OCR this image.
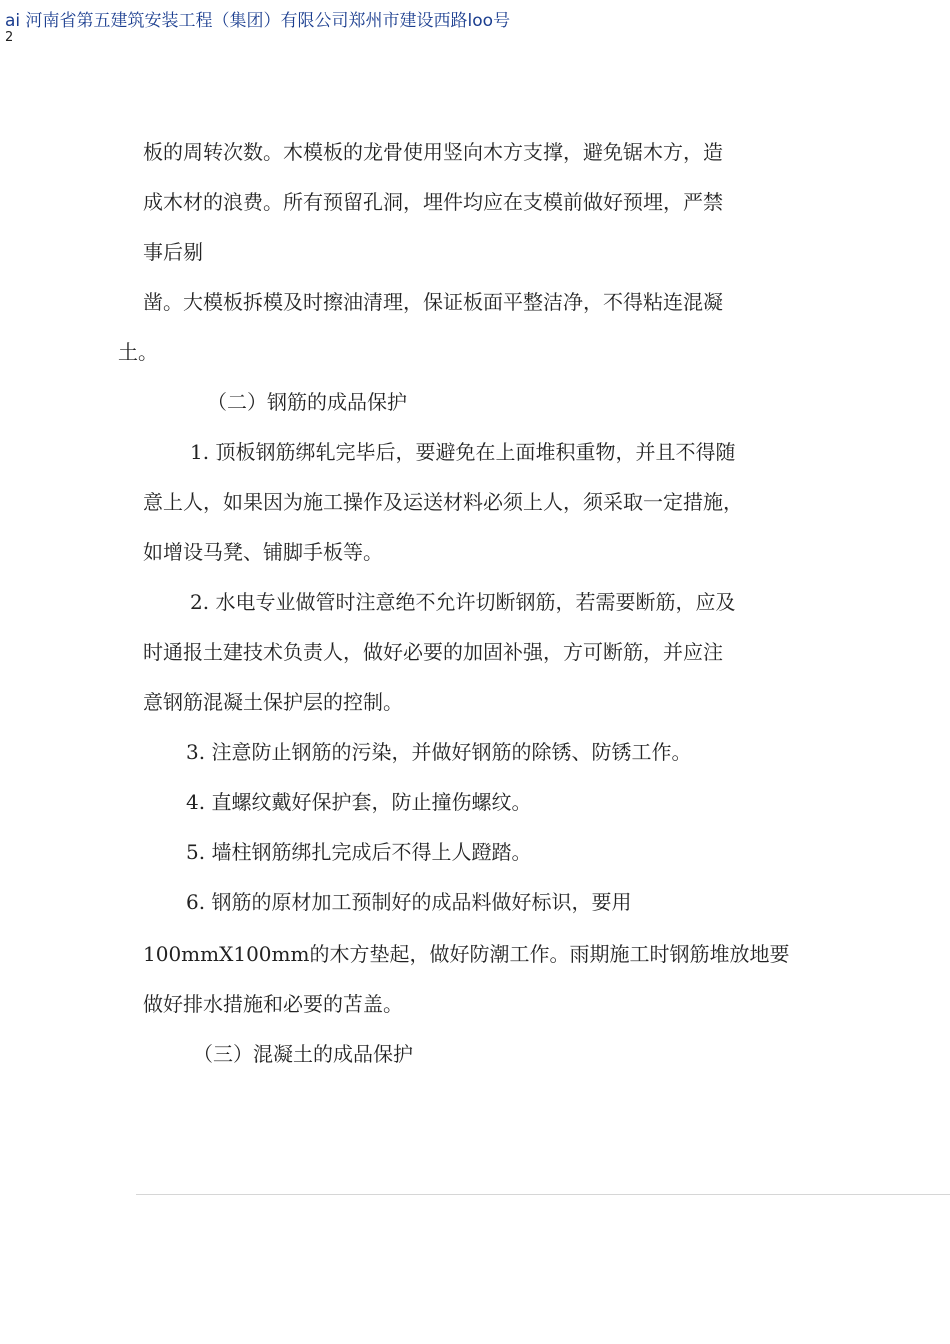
ai 河南省第五建筑安装工程（集团）有限公司郑州市建设西路loo号
2
板的周转次数。木模板的龙骨使用竖向木方支撑，避免锯木方，造
成木材的浪费。所有预留孔洞，埋件均应在支模前做好预埋，严禁
事后剔
凿。大模板拆模及时擦油清理，保证板面平整洁净，不得粘连混凝
土。
（二）钢筋的成品保护
1. 顶板钢筋绑轧完毕后，要避免在上面堆积重物，并且不得随
意上人，如果因为施工操作及运送材料必须上人，须采取一定措施，
如增设马凳、铺脚手板等。
2. 水电专业做管时注意绝不允许切断钢筋，若需要断筋，应及
时通报土建技术负责人，做好必要的加固补强，方可断筋，并应注
意钢筋混凝土保护层的控制。
3. 注意防止钢筋的污染，并做好钢筋的除锈、防锈工作。
4. 直螺纹戴好保护套，防止撞伤螺纹。
5. 墙柱钢筋绑扎完成后不得上人蹬踏。
6. 钢筋的原材加工预制好的成品料做好标识，要用
100mmX100mm的木方垫起，做好防潮工作。雨期施工时钢筋堆放地要
做好排水措施和必要的苫盖。
（三）混凝土的成品保护
